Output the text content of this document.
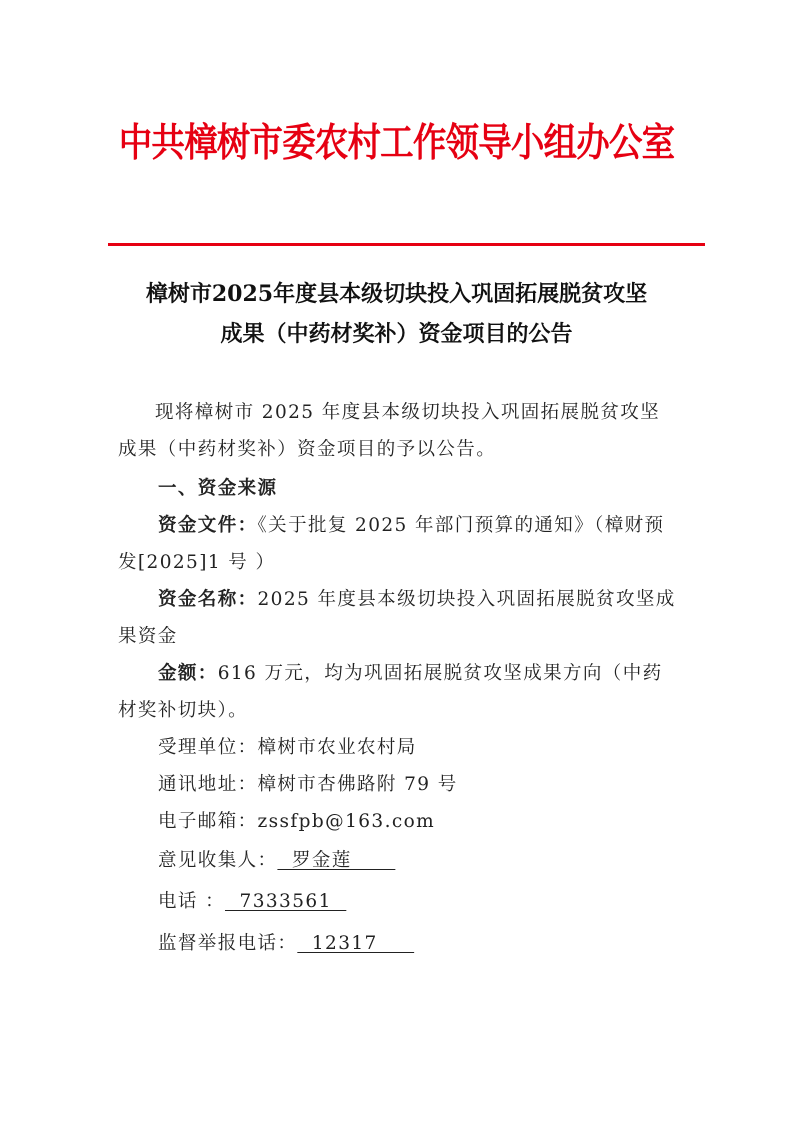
中共樟树市委农村工作领导小组办公室
樟树市2025年度县本级切块投入巩固拓展脱贫攻坚
成果（中药材奖补）资金项目的公告
现将樟树市 2025 年度县本级切块投入巩固拓展脱贫攻坚成果（中药材奖补）资金项目的予以公告。
一、资金来源
资金文件：《关于批复 2025 年部门预算的通知》（樟财预发[2025]1 号 ）
资金名称：2025 年度县本级切块投入巩固拓展脱贫攻坚成果资金
金额：616 万元，均为巩固拓展脱贫攻坚成果方向（中药材奖补切块）。
受理单位：樟树市农业农村局
通讯地址：樟树市杏佛路附 79 号
电子邮箱：zssfpb@163.com
意见收集人：  罗金莲
电话 ：  7333561
监督举报电话：  12317
